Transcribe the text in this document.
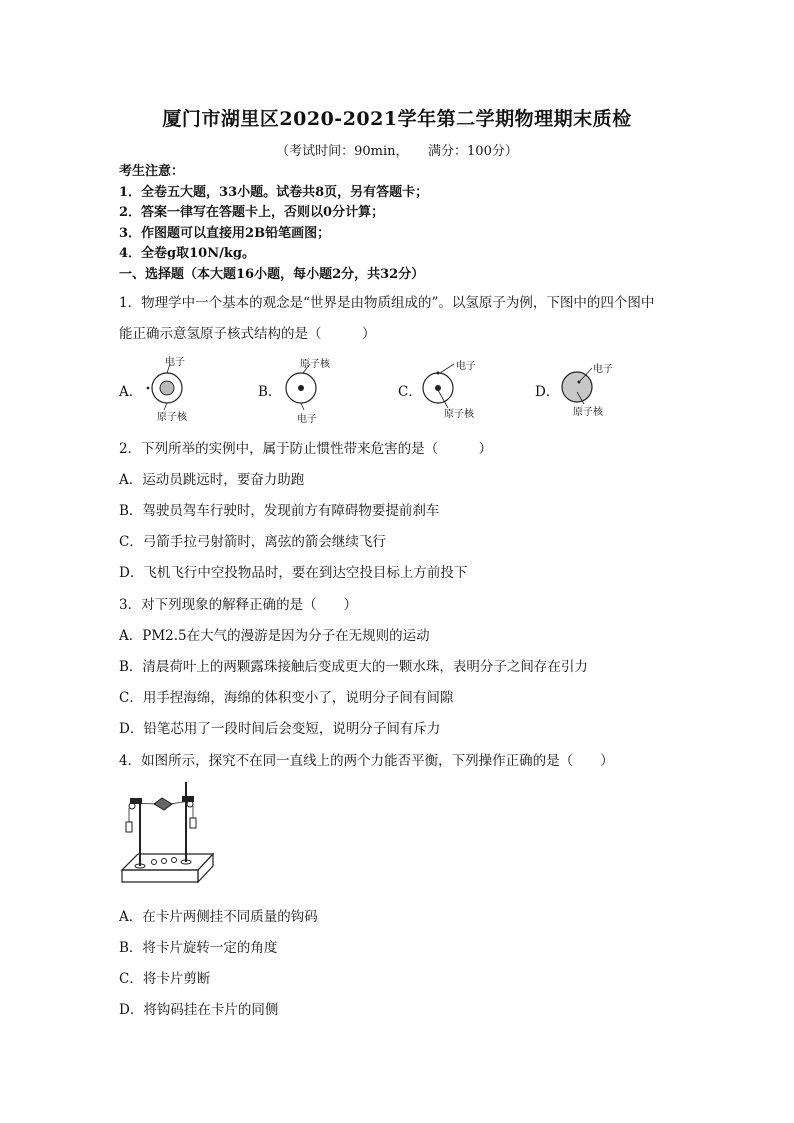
厦门市湖里区2020-2021学年第二学期物理期末质检
（考试时间：90min，　　满分：100分）
考生注意：
1．全卷五大题，33小题。试卷共8页，另有答题卡；
2．答案一律写在答题卡上，否则以0分计算；
3．作图题可以直接用2B铅笔画图；
4．全卷g取10N/kg。
一、选择题（本大题16小题，每小题2分，共32分）
1．物理学中一个基本的观念是“世界是由物质组成的”。以氢原子为例，下图中的四个图中
能正确示意氢原子核式结构的是（　　　）
A．
电子
原子核
B．
原子核
电子
C．
电子
原子核
D．
电子
原子核
2．下列所举的实例中，属于防止惯性带来危害的是（　　　）
A．运动员跳远时，要奋力助跑
B．驾驶员驾车行驶时，发现前方有障碍物要提前刹车
C．弓箭手拉弓射箭时，离弦的箭会继续飞行
D．飞机飞行中空投物品时，要在到达空投目标上方前投下
3．对下列现象的解释正确的是（　　）
A．PM2.5在大气的漫游是因为分子在无规则的运动
B．清晨荷叶上的两颗露珠接触后变成更大的一颗水珠，表明分子之间存在引力
C．用手捏海绵，海绵的体积变小了，说明分子间有间隙
D．铅笔芯用了一段时间后会变短，说明分子间有斥力
4．如图所示，探究不在同一直线上的两个力能否平衡，下列操作正确的是（　　）
A．在卡片两侧挂不同质量的钩码
B．将卡片旋转一定的角度
C．将卡片剪断
D．将钩码挂在卡片的同侧
